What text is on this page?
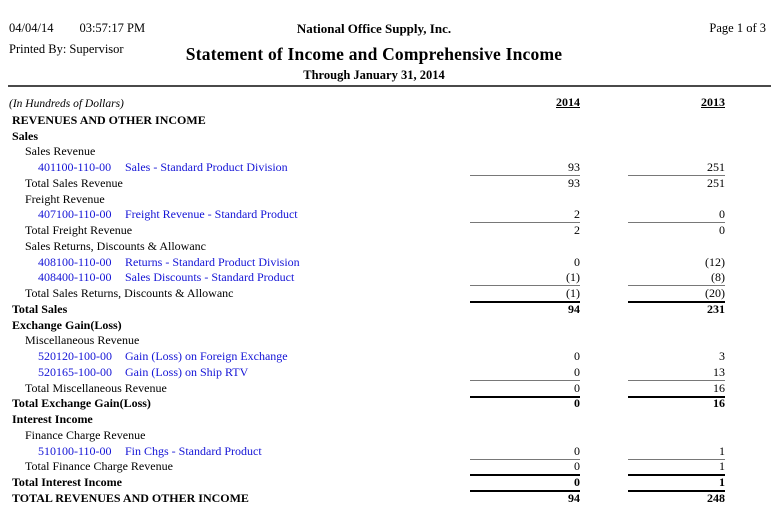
04/04/14 03:57:17 PM
Printed By: Supervisor
National Office Supply, Inc.
Statement of Income and Comprehensive Income
Through January 31, 2014
Page 1 of 3
(In Hundreds of Dollars)	2014	2013
REVENUES AND OTHER INCOME
Sales
Sales Revenue
401100-110-00 Sales - Standard Product Division	93	251
Total Sales Revenue	93	251
Freight Revenue
407100-110-00 Freight Revenue - Standard Product	2	0
Total Freight Revenue	2	0
Sales Returns, Discounts & Allowanc
408100-110-00 Returns - Standard Product Division	0	(12)
408400-110-00 Sales Discounts - Standard Product	(1)	(8)
Total Sales Returns, Discounts & Allowanc	(1)	(20)
Total Sales	94	231
Exchange Gain(Loss)
Miscellaneous Revenue
520120-100-00 Gain (Loss) on Foreign Exchange	0	3
520165-100-00 Gain (Loss) on Ship RTV	0	13
Total Miscellaneous Revenue	0	16
Total Exchange Gain(Loss)	0	16
Interest Income
Finance Charge Revenue
510100-110-00 Fin Chgs - Standard Product	0	1
Total Finance Charge Revenue	0	1
Total Interest Income	0	1
TOTAL REVENUES AND OTHER INCOME	94	248
